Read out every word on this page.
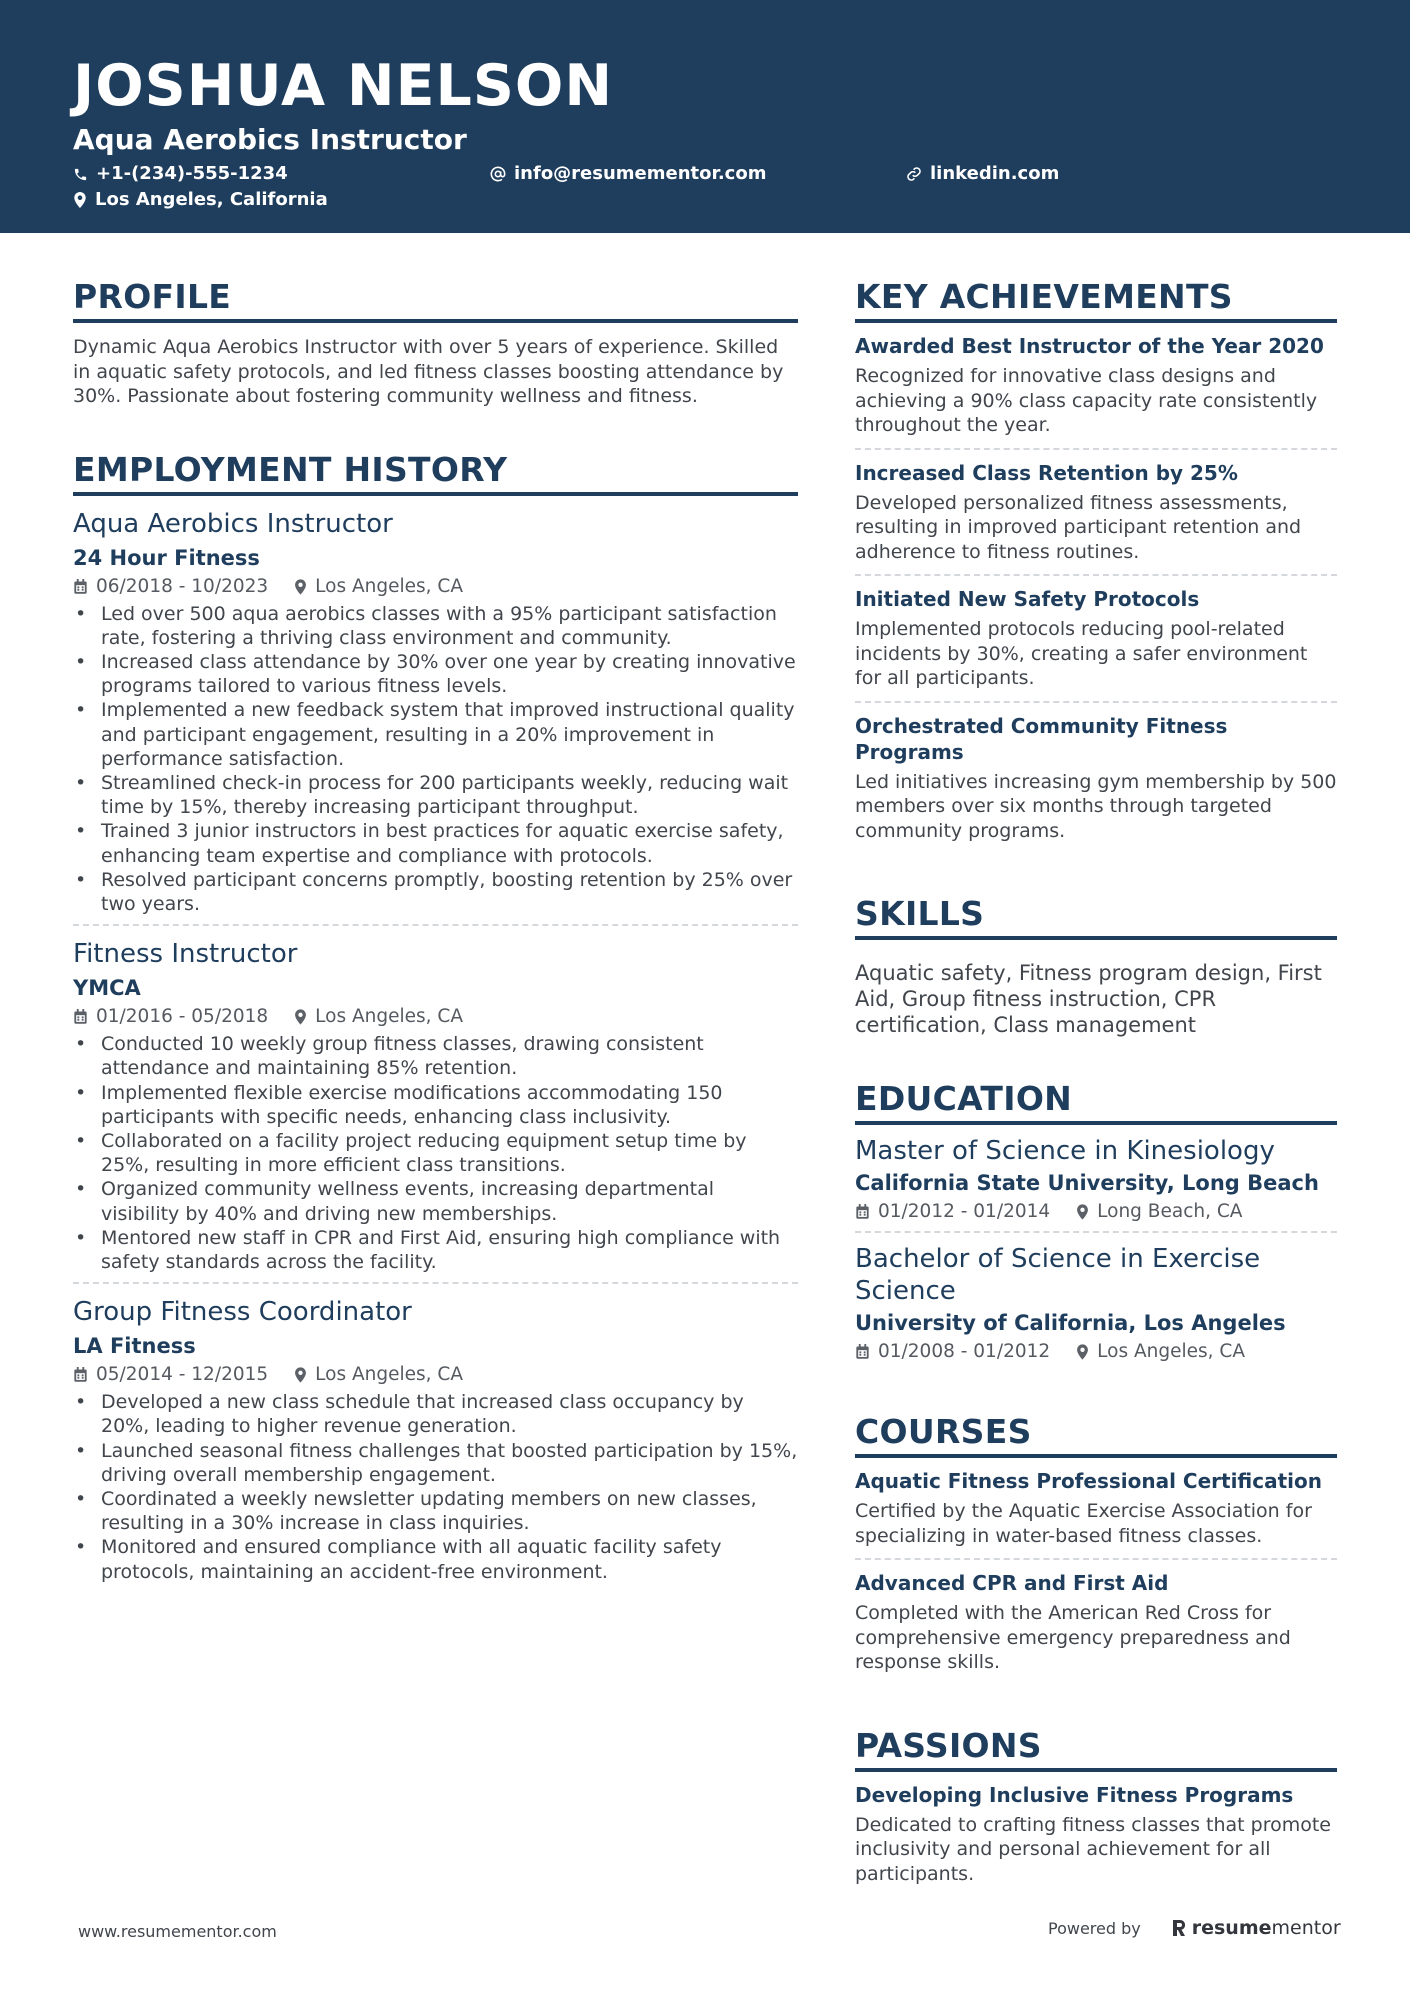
JOSHUA NELSON
Aqua Aerobics Instructor
+1-(234)-555-1234	info@resumementor.com	linkedin.com
Los Angeles, California
PROFILE
Dynamic Aqua Aerobics Instructor with over 5 years of experience. Skilled in aquatic safety protocols, and led fitness classes boosting attendance by 30%. Passionate about fostering community wellness and fitness.
EMPLOYMENT HISTORY
Aqua Aerobics Instructor
24 Hour Fitness
06/2018 - 10/2023	Los Angeles, CA
• Led over 500 aqua aerobics classes with a 95% participant satisfaction rate, fostering a thriving class environment and community.
• Increased class attendance by 30% over one year by creating innovative programs tailored to various fitness levels.
• Implemented a new feedback system that improved instructional quality and participant engagement, resulting in a 20% improvement in performance satisfaction.
• Streamlined check-in process for 200 participants weekly, reducing wait time by 15%, thereby increasing participant throughput.
• Trained 3 junior instructors in best practices for aquatic exercise safety, enhancing team expertise and compliance with protocols.
• Resolved participant concerns promptly, boosting retention by 25% over two years.
Fitness Instructor
YMCA
01/2016 - 05/2018	Los Angeles, CA
• Conducted 10 weekly group fitness classes, drawing consistent attendance and maintaining 85% retention.
• Implemented flexible exercise modifications accommodating 150 participants with specific needs, enhancing class inclusivity.
• Collaborated on a facility project reducing equipment setup time by 25%, resulting in more efficient class transitions.
• Organized community wellness events, increasing departmental visibility by 40% and driving new memberships.
• Mentored new staff in CPR and First Aid, ensuring high compliance with safety standards across the facility.
Group Fitness Coordinator
LA Fitness
05/2014 - 12/2015	Los Angeles, CA
• Developed a new class schedule that increased class occupancy by 20%, leading to higher revenue generation.
• Launched seasonal fitness challenges that boosted participation by 15%, driving overall membership engagement.
• Coordinated a weekly newsletter updating members on new classes, resulting in a 30% increase in class inquiries.
• Monitored and ensured compliance with all aquatic facility safety protocols, maintaining an accident-free environment.
KEY ACHIEVEMENTS
Awarded Best Instructor of the Year 2020
Recognized for innovative class designs and achieving a 90% class capacity rate consistently throughout the year.
Increased Class Retention by 25%
Developed personalized fitness assessments, resulting in improved participant retention and adherence to fitness routines.
Initiated New Safety Protocols
Implemented protocols reducing pool-related incidents by 30%, creating a safer environment for all participants.
Orchestrated Community Fitness Programs
Led initiatives increasing gym membership by 500 members over six months through targeted community programs.
SKILLS
Aquatic safety, Fitness program design, First Aid, Group fitness instruction, CPR certification, Class management
EDUCATION
Master of Science in Kinesiology
California State University, Long Beach
01/2012 - 01/2014	Long Beach, CA
Bachelor of Science in Exercise Science
University of California, Los Angeles
01/2008 - 01/2012	Los Angeles, CA
COURSES
Aquatic Fitness Professional Certification
Certified by the Aquatic Exercise Association for specializing in water-based fitness classes.
Advanced CPR and First Aid
Completed with the American Red Cross for comprehensive emergency preparedness and response skills.
PASSIONS
Developing Inclusive Fitness Programs
Dedicated to crafting fitness classes that promote inclusivity and personal achievement for all participants.
www.resumementor.com	Powered by	resume mentor
